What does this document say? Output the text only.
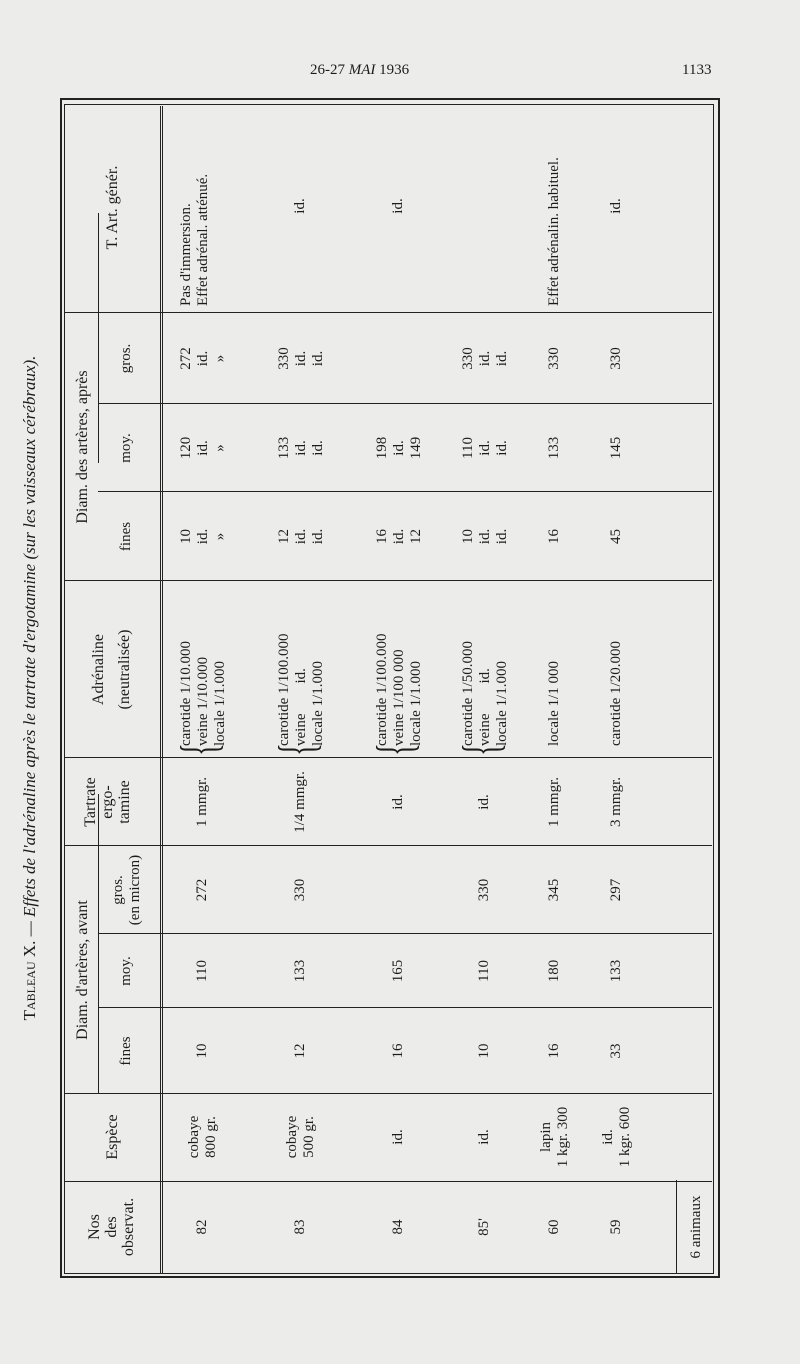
26-27 MAI 1936	1133
Tableau X. — Effets de l'adrénaline après le tartrate d'ergotamine (sur les vaisseaux cérébraux).
Nos des observat.
Espèce
Diam. d'artères, avant
fines
moy.
gros. (en micron)
Tartrate ergo- tamine
Adrénaline (neutralisée)
Diam. des artères, après
fines
moy.
gros.
T. Art. génér.
82
cobaye 800 gr.
10
110
272
1 mmgr.
carotide 1/10.000 veine 1/10.000 locale 1/1.000
{
10 id. »
120 id. »
272 id. »
Pas d'immersion. Effet adrénal. atténué.
83
cobaye 500 gr.
12
133
330
1/4 mmgr.
carotide 1/100.000 veine        id. locale 1/1.000
{
12 id. id.
133 id. id.
330 id. id.
id.
84
id.
16
165
id.
carotide 1/100.000 veine 1/100 000 locale 1/1.000
{
16 id. 12
198 id. 149
id.
85'
id.
10
110
330
id.
carotide 1/50.000 veine        id. locale 1/1.000
{
10 id. id.
110 id. id.
330 id. id.
60
lapin 1 kgr. 300
16
180
345
1 mmgr.
locale 1/1 000
16
133
330
Effet adrénalin. habituel.
59
id. 1 kgr. 600
33
133
297
3 mmgr.
carotide 1/20.000
45
145
330
id.
6 animaux
